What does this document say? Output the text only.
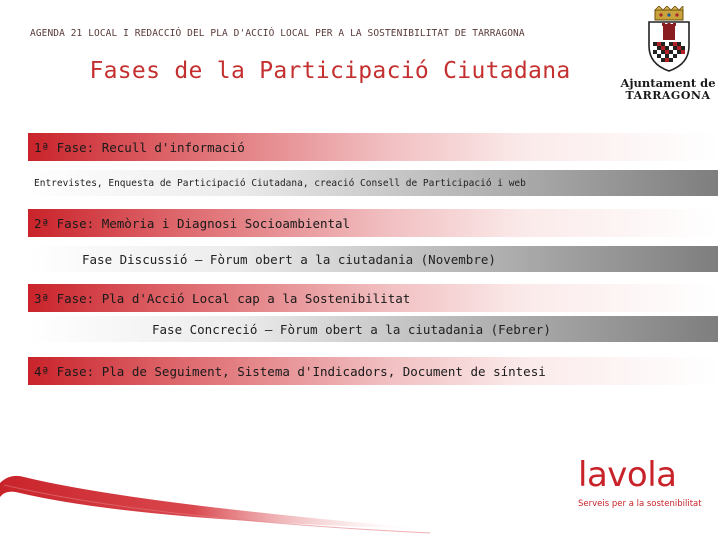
AGENDA 21 LOCAL I REDACCIÓ DEL PLA D'ACCIÓ LOCAL PER A LA SOSTENIBILITAT DE TARRAGONA
Fases de la Participació Ciutadana	Ajuntament de
TARRAGONA
1ª Fase: Recull d'informació
Entrevistes, Enquesta de Participació Ciutadana, creació Consell de Participació i web
2ª Fase: Memòria i Diagnosi Socioambiental
Fase Discussió – Fòrum obert a la ciutadania (Novembre)
3ª Fase: Pla d'Acció Local cap a la Sostenibilitat
Fase Concreció – Fòrum obert a la ciutadania (Febrer)
4ª Fase: Pla de Seguiment, Sistema d'Indicadors, Document de síntesi
lavola
Serveis per a la sostenibilitat
